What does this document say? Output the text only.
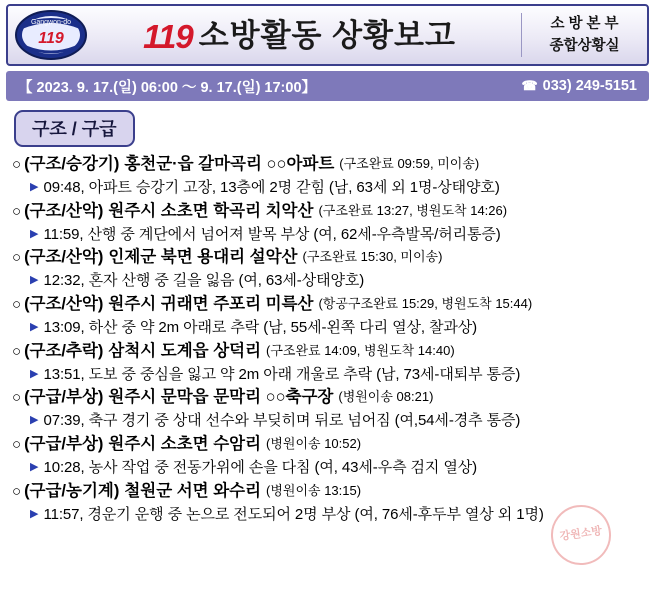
Gangwon-do
119 119 소방활동 상황보고	소 방 본 부
종합상황실
【 2023. 9. 17.(일) 06:00 ～ 9. 17.(일) 17:00】	☎ 033) 249-5151
구조 / 구급
○ (구조/승강기) 홍천군·읍 갈마곡리 ○○아파트 (구조완료 09:59, 미이송)
▶ 09:48, 아파트 승강기 고장, 13층에 2명 갇힘 (남, 63세 외 1명-상태양호)
○ (구조/산악) 원주시 소초면 학곡리 치악산 (구조완료 13:27, 병원도착 14:26)
▶ 11:59, 산행 중 계단에서 넘어져 발목 부상 (여, 62세-우측발목/허리통증)
○ (구조/산악) 인제군 북면 용대리 설악산 (구조완료 15:30, 미이송)
▶ 12:32, 혼자 산행 중 길을 잃음 (여, 63세-상태양호)
○ (구조/산악) 원주시 귀래면 주포리 미륵산 (항공구조완료 15:29, 병원도착 15:44)
▶ 13:09, 하산 중 약 2m 아래로 추락 (남, 55세-왼쪽 다리 열상, 찰과상)
○ (구조/추락) 삼척시 도계읍 상덕리 (구조완료 14:09, 병원도착 14:40)
▶ 13:51, 도보 중 중심을 잃고 약 2m 아래 개울로 추락 (남, 73세-대퇴부 통증)
○ (구급/부상) 원주시 문막읍 문막리 ○○축구장 (병원이송 08:21)
▶ 07:39, 축구 경기 중 상대 선수와 부딪히며 뒤로 넘어짐 (여,54세-경추 통증)
○ (구급/부상) 원주시 소초면 수암리 (병원이송 10:52)
▶ 10:28, 농사 작업 중 전동가위에 손을 다침 (여, 43세-우측 검지 열상)
○ (구급/농기계) 철원군 서면 와수리 (병원이송 13:15)
▶ 11:57, 경운기 운행 중 논으로 전도되어 2명 부상 (여, 76세-후두부 열상 외 1명)
강원소방
